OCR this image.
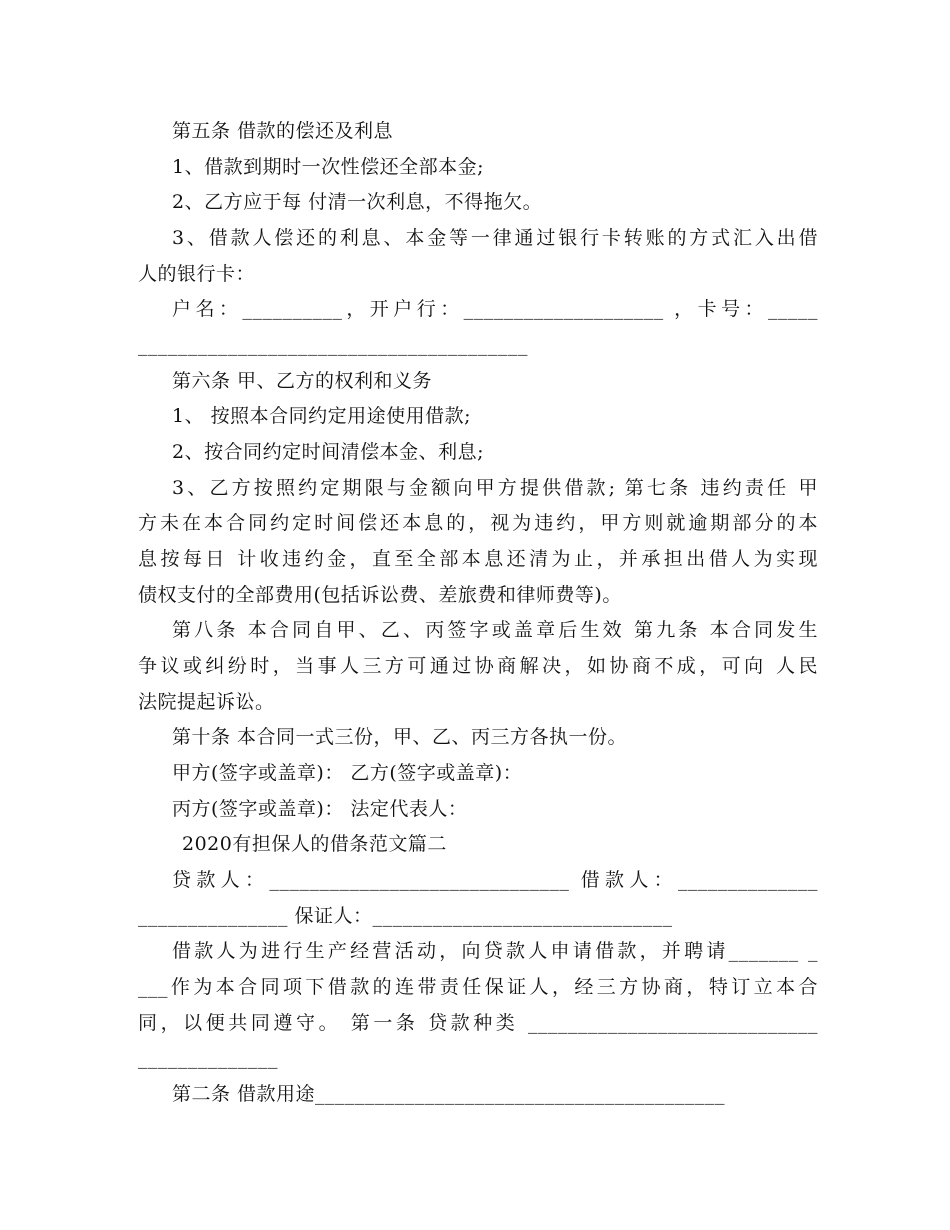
第五条 借款的偿还及利息
1、借款到期时一次性偿还全部本金;
2、乙方应于每 付清一次利息，不得拖欠。
3、借款人偿还的利息、本金等一律通过银行卡转账的方式汇入出借
人的银行卡：
户名：__________，开户行：____________________ ，卡号：_____
_______________________________________
第六条 甲、乙方的权利和义务
1、 按照本合同约定用途使用借款;
2、按合同约定时间清偿本金、利息;
3、乙方按照约定期限与金额向甲方提供借款; 第七条 违约责任 甲
方未在本合同约定时间偿还本息的，视为违约，甲方则就逾期部分的本
息按每日 计收违约金，直至全部本息还清为止，并承担出借人为实现
债权支付的全部费用(包括诉讼费、差旅费和律师费等)。
第八条 本合同自甲、乙、丙签字或盖章后生效 第九条 本合同发生
争议或纠纷时，当事人三方可通过协商解决，如协商不成，可向 人民
法院提起诉讼。
第十条 本合同一式三份，甲、乙、丙三方各执一份。
甲方(签字或盖章)： 乙方(签字或盖章)：
丙方(签字或盖章)： 法定代表人：
2020有担保人的借条范文篇二
贷款人：______________________________ 借款人：______________
_______________ 保证人：______________________________
借款人为进行生产经营活动，向贷款人申请借款，并聘请_______ _
___作为本合同项下借款的连带责任保证人，经三方协商，特订立本合
同，以便共同遵守。 第一条 贷款种类 _____________________________
______________
第二条 借款用途_________________________________________
